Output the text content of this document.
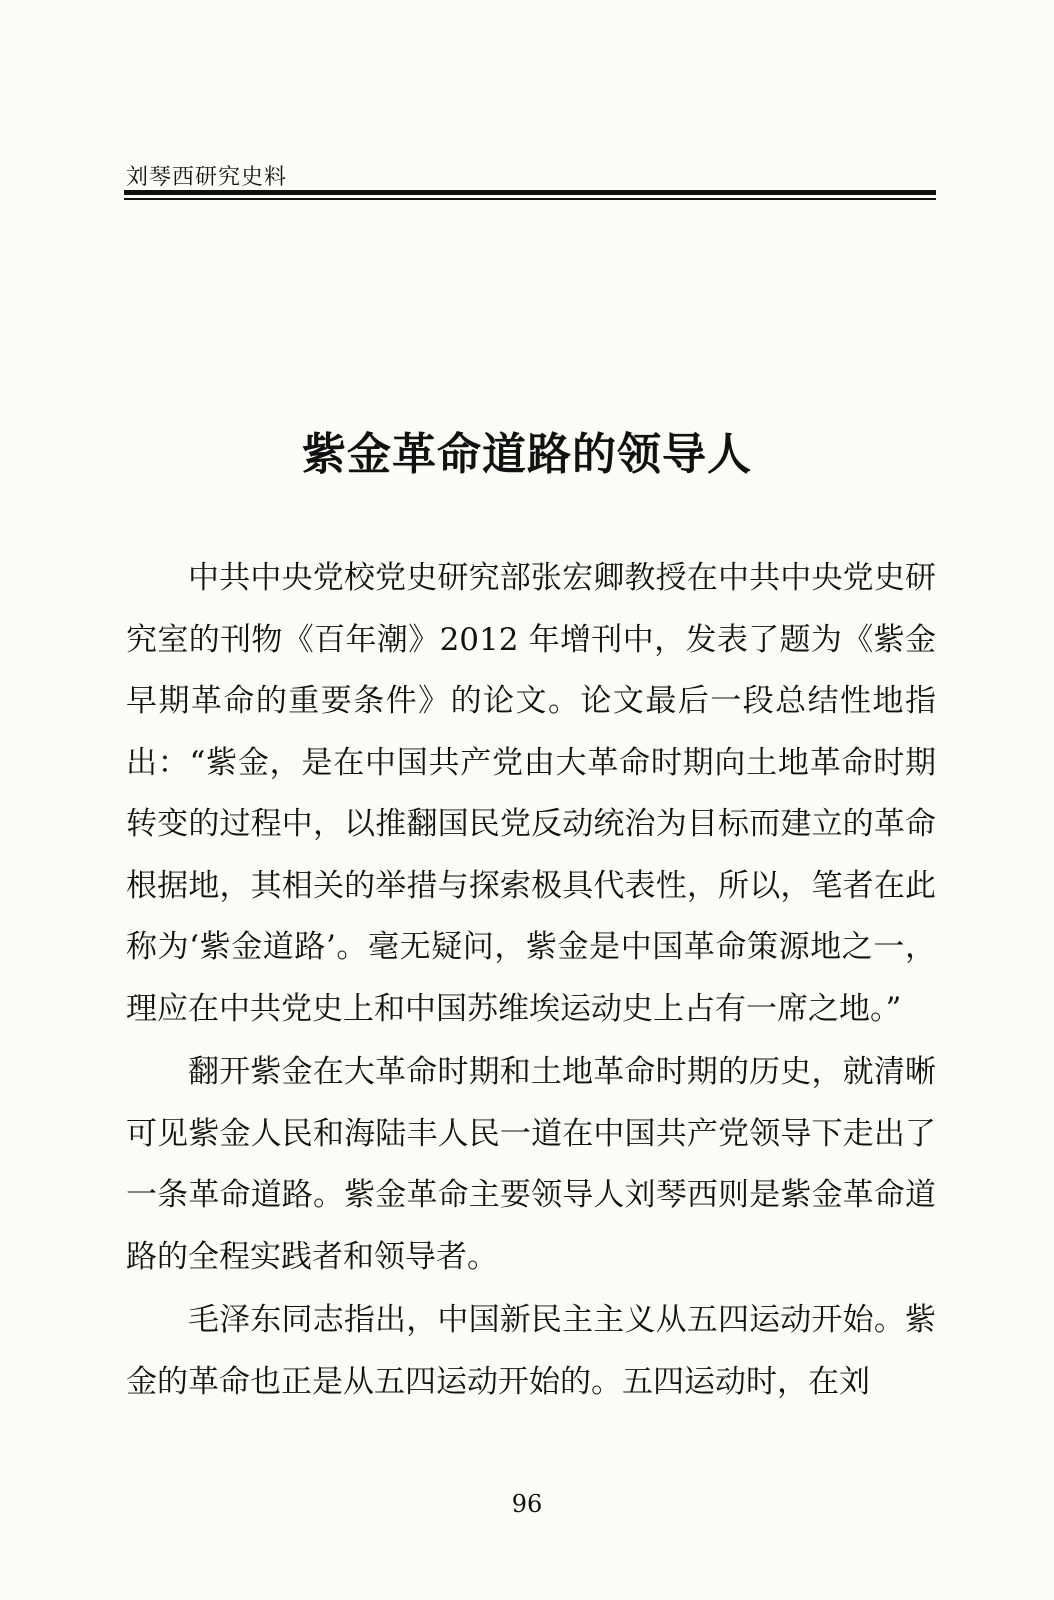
刘琴西研究史料
紫金革命道路的领导人

中共中央党校党史研究部张宏卿教授在中共中央党史研究室的刊物《百年潮》2012 年增刊中，发表了题为《紫金早期革命的重要条件》的论文。论文最后一段总结性地指出：“紫金，是在中国共产党由大革命时期向土地革命时期转变的过程中，以推翻国民党反动统治为目标而建立的革命根据地，其相关的举措与探索极具代表性，所以，笔者在此称为‘紫金道路’。毫无疑问，紫金是中国革命策源地之一，理应在中共党史上和中国苏维埃运动史上占有一席之地。”

翻开紫金在大革命时期和土地革命时期的历史，就清晰可见紫金人民和海陆丰人民一道在中国共产党领导下走出了一条革命道路。紫金革命主要领导人刘琴西则是紫金革命道路的全程实践者和领导者。

毛泽东同志指出，中国新民主主义从五四运动开始。紫金的革命也正是从五四运动开始的。五四运动时，在刘

96
